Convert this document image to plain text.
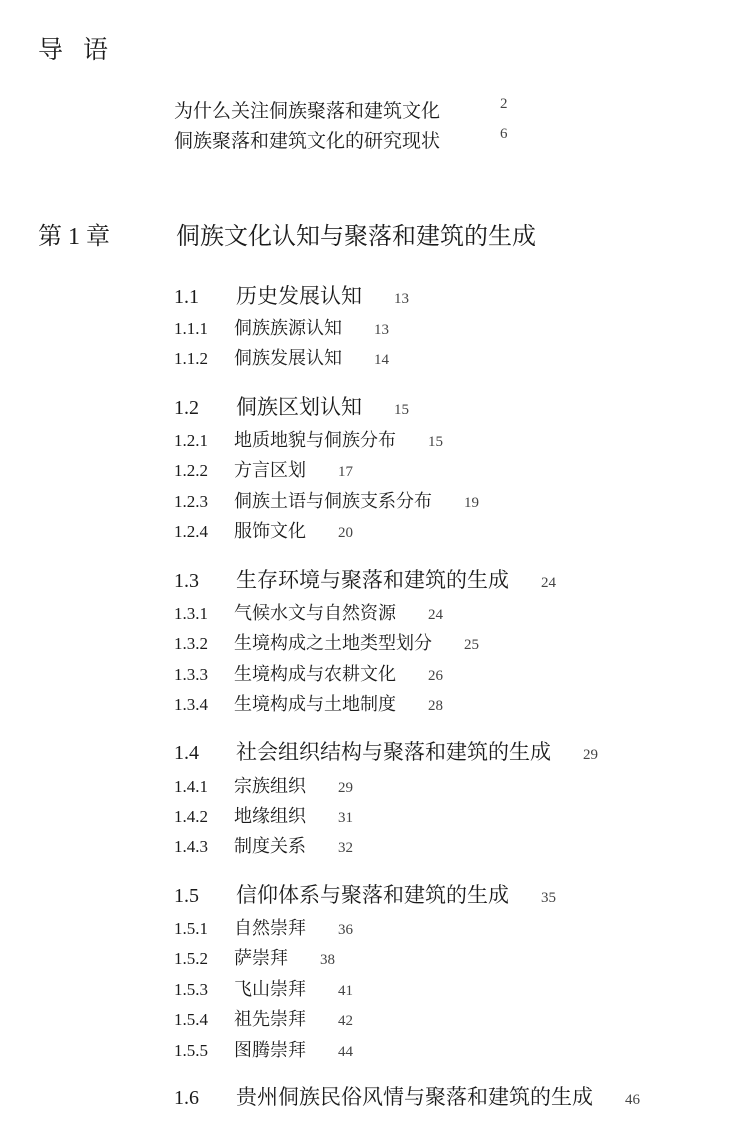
导 语
为什么关注侗族聚落和建筑文化	2
侗族聚落和建筑文化的研究现状	6
第 1 章	侗族文化认知与聚落和建筑的生成
1.1	历史发展认知 13
1.1.1	侗族族源认知 13
1.1.2	侗族发展认知 14
1.2	侗族区划认知 15
1.2.1	地质地貌与侗族分布 15
1.2.2	方言区划 17
1.2.3	侗族土语与侗族支系分布 19
1.2.4	服饰文化 20
1.3	生存环境与聚落和建筑的生成 24
1.3.1	气候水文与自然资源 24
1.3.2	生境构成之土地类型划分 25
1.3.3	生境构成与农耕文化 26
1.3.4	生境构成与土地制度 28
1.4	社会组织结构与聚落和建筑的生成 29
1.4.1	宗族组织 29
1.4.2	地缘组织 31
1.4.3	制度关系 32
1.5	信仰体系与聚落和建筑的生成 35
1.5.1	自然崇拜 36
1.5.2	萨崇拜 38
1.5.3	飞山崇拜 41
1.5.4	祖先崇拜 42
1.5.5	图腾崇拜 44
1.6	贵州侗族民俗风情与聚落和建筑的生成 46
